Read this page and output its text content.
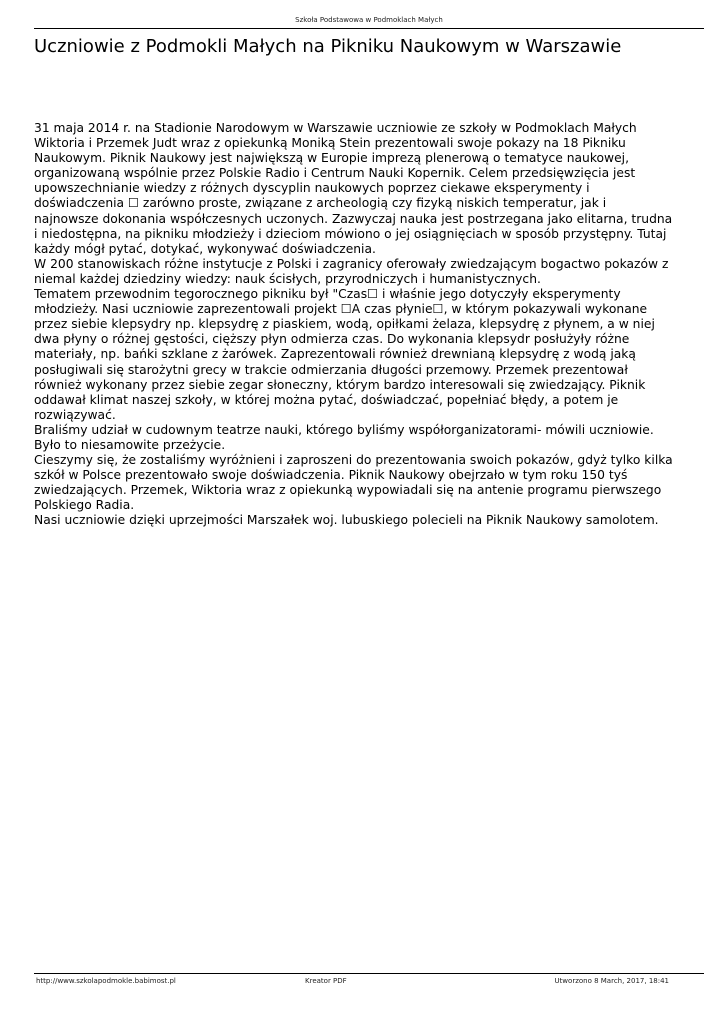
Szkoła Podstawowa w Podmoklach Małych
Uczniowie z Podmokli Małych na Pikniku Naukowym w Warszawie

31 maja 2014 r. na Stadionie Narodowym w Warszawie uczniowie ze szkoły w Podmoklach Małych Wiktoria i Przemek Judt wraz z opiekunką Moniką Stein prezentowali swoje pokazy na 18 Pikniku Naukowym. Piknik Naukowy jest największą w Europie imprezą plenerową o tematyce naukowej, organizowaną wspólnie przez Polskie Radio i Centrum Nauki Kopernik. Celem przedsięwzięcia jest upowszechnianie wiedzy z różnych dyscyplin naukowych poprzez ciekawe eksperymenty i doświadczenia ☐ zarówno proste, związane z archeologią czy fizyką niskich temperatur, jak i najnowsze dokonania współczesnych uczonych. Zazwyczaj nauka jest postrzegana jako elitarna, trudna i niedostępna, na pikniku młodzieży i dzieciom mówiono o jej osiągnięciach w sposób przystępny. Tutaj każdy mógł pytać, dotykać, wykonywać doświadczenia.

W 200 stanowiskach różne instytucje z Polski i zagranicy oferowały zwiedzającym bogactwo pokazów z niemal każdej dziedziny wiedzy: nauk ścisłych, przyrodniczych i humanistycznych.

Tematem przewodnim tegorocznego pikniku był "Czas☐ i właśnie jego dotyczyły eksperymenty młodzieży. Nasi uczniowie zaprezentowali projekt ☐A czas płynie☐, w którym pokazywali wykonane przez siebie klepsydry np. klepsydrę z piaskiem, wodą, opiłkami żelaza, klepsydrę z płynem, a w niej dwa płyny o różnej gęstości, cięższy płyn odmierza czas. Do wykonania klepsydr posłużyły różne materiały, np. bańki szklane z żarówek. Zaprezentowali również drewnianą klepsydrę z wodą jaką posługiwali się starożytni grecy w trakcie odmierzania długości przemowy. Przemek prezentował również wykonany przez siebie zegar słoneczny, którym bardzo interesowali się zwiedzający. Piknik oddawał klimat naszej szkoły, w której można pytać, doświadczać, popełniać błędy, a potem je rozwiązywać.

Braliśmy udział w cudownym teatrze nauki, którego byliśmy współorganizatorami- mówili uczniowie. Było to niesamowite przeżycie.

Cieszymy się, że zostaliśmy wyróżnieni i zaproszeni do prezentowania swoich pokazów, gdyż tylko kilka szkół w Polsce prezentowało swoje doświadczenia. Piknik Naukowy obejrzało w tym roku 150 tyś zwiedzających. Przemek, Wiktoria wraz z opiekunką wypowiadali się na antenie programu pierwszego Polskiego Radia.

Nasi uczniowie dzięki uprzejmości Marszałek woj. lubuskiego polecieli na Piknik Naukowy samolotem.

http://www.szkolapodmokle.babimost.pl	Kreator PDF	Utworzono 8 March, 2017, 18:41
